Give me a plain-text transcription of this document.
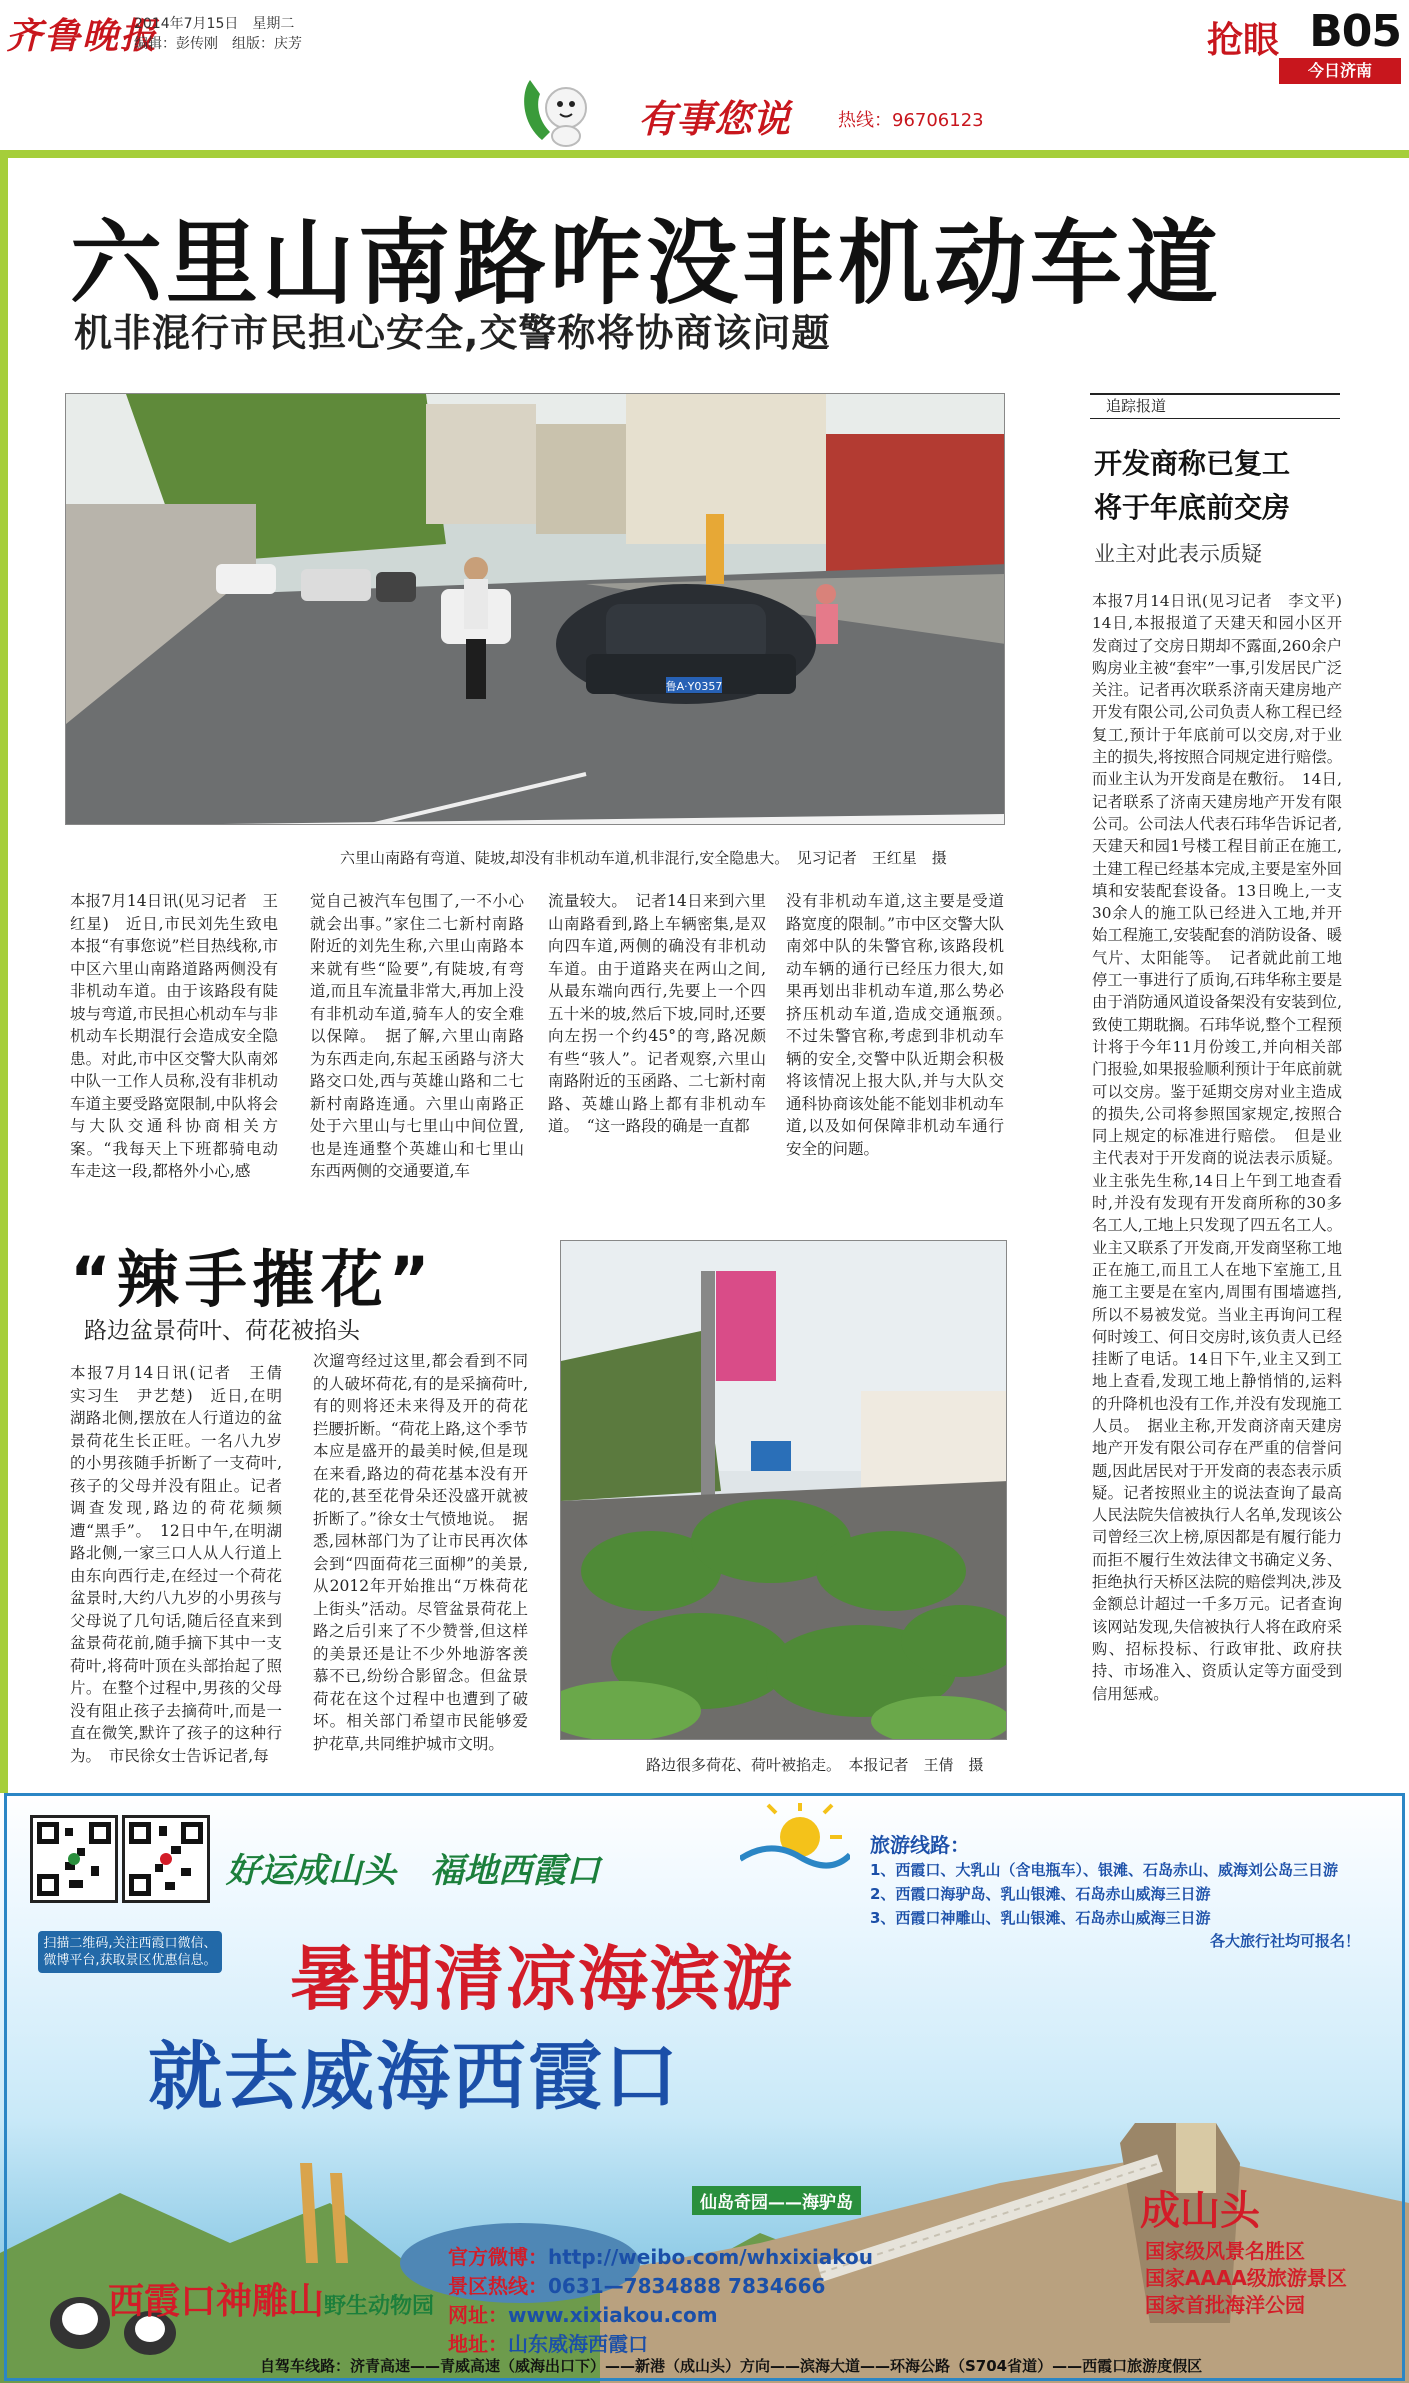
齐鲁晚报
2014年7月15日　星期二
编辑：彭传刚　组版：庆芳	抢眼 B05
今日济南
有事您说	热线：96706123
六里山南路咋没非机动车道
机非混行市民担心安全,交警称将协商该问题
鲁A·Y0357
六里山南路有弯道、陡坡,却没有非机动车道,机非混行,安全隐患大。　见习记者　王红星　摄
本报7月14日讯(见习记者　王红星)　近日,市民刘先生致电本报“有事您说”栏目热线称,市中区六里山南路道路两侧没有非机动车道。由于该路段有陡坡与弯道,市民担心机动车与非机动车长期混行会造成安全隐患。对此,市中区交警大队南郊中队一工作人员称,没有非机动车道主要受路宽限制,中队将会与大队交通科协商相关方案。“我每天上下班都骑电动车走这一段,都格外小心,感
觉自己被汽车包围了,一不小心就会出事。”家住二七新村南路附近的刘先生称,六里山南路本来就有些“险要”,有陡坡,有弯道,而且车流量非常大,再加上没有非机动车道,骑车人的安全难以保障。　据了解,六里山南路为东西走向,东起玉函路与济大路交口处,西与英雄山路和二七新村南路连通。六里山南路正处于六里山与七里山中间位置,也是连通整个英雄山和七里山东西两侧的交通要道,车
流量较大。　记者14日来到六里山南路看到,路上车辆密集,是双向四车道,两侧的确没有非机动车道。由于道路夹在两山之间,从最东端向西行,先要上一个四五十米的坡,然后下坡,同时,还要向左拐一个约45°的弯,路况颇有些“骇人”。记者观察,六里山南路附近的玉函路、二七新村南路、英雄山路上都有非机动车道。　“这一路段的确是一直都
没有非机动车道,这主要是受道路宽度的限制。”市中区交警大队南郊中队的朱警官称,该路段机动车辆的通行已经压力很大,如果再划出非机动车道,那么势必挤压机动车道,造成交通瓶颈。　不过朱警官称,考虑到非机动车辆的安全,交警中队近期会积极将该情况上报大队,并与大队交通科协商该处能不能划非机动车道,以及如何保障非机动车通行安全的问题。
追踪报道
开发商称已复工
将于年底前交房
业主对此表示质疑
本报7月14日讯(见习记者　李文平)　14日,本报报道了天建天和园小区开发商过了交房日期却不露面,260余户购房业主被“套牢”一事,引发居民广泛关注。记者再次联系济南天建房地产开发有限公司,公司负责人称工程已经复工,预计于年底前可以交房,对于业主的损失,将按照合同规定进行赔偿。而业主认为开发商是在敷衍。　14日,记者联系了济南天建房地产开发有限公司。公司法人代表石玮华告诉记者,天建天和园1号楼工程目前正在施工,土建工程已经基本完成,主要是室外回填和安装配套设备。13日晚上,一支30余人的施工队已经进入工地,并开始工程施工,安装配套的消防设备、暖气片、太阳能等。　记者就此前工地停工一事进行了质询,石玮华称主要是由于消防通风道设备架没有安装到位,致使工期耽搁。石玮华说,整个工程预计将于今年11月份竣工,并向相关部门报验,如果报验顺利预计于年底前就可以交房。鉴于延期交房对业主造成的损失,公司将参照国家规定,按照合同上规定的标准进行赔偿。　但是业主代表对于开发商的说法表示质疑。业主张先生称,14日上午到工地查看时,并没有发现有开发商所称的30多名工人,工地上只发现了四五名工人。业主又联系了开发商,开发商坚称工地正在施工,而且工人在地下室施工,且施工主要是在室内,周围有围墙遮挡,所以不易被发觉。当业主再询问工程何时竣工、何日交房时,该负责人已经挂断了电话。14日下午,业主又到工地上查看,发现工地上静悄悄的,运料的升降机也没有工作,并没有发现施工人员。　据业主称,开发商济南天建房地产开发有限公司存在严重的信誉问题,因此居民对于开发商的表态表示质疑。记者按照业主的说法查询了最高人民法院失信被执行人名单,发现该公司曾经三次上榜,原因都是有履行能力而拒不履行生效法律文书确定义务、拒绝执行天桥区法院的赔偿判决,涉及金额总计超过一千多万元。记者查询该网站发现,失信被执行人将在政府采购、招标投标、行政审批、政府扶持、市场准入、资质认定等方面受到信用惩戒。
“辣手摧花”
路边盆景荷叶、荷花被掐头
本报7月14日讯(记者　王倩　实习生　尹艺楚)　近日,在明湖路北侧,摆放在人行道边的盆景荷花生长正旺。一名八九岁的小男孩随手折断了一支荷叶,孩子的父母并没有阻止。记者调查发现,路边的荷花频频遭“黑手”。　12日中午,在明湖路北侧,一家三口人从人行道上由东向西行走,在经过一个荷花盆景时,大约八九岁的小男孩与父母说了几句话,随后径直来到盆景荷花前,随手摘下其中一支荷叶,将荷叶顶在头部抬起了照片。在整个过程中,男孩的父母没有阻止孩子去摘荷叶,而是一直在微笑,默许了孩子的这种行为。　市民徐女士告诉记者,每
次遛弯经过这里,都会看到不同的人破坏荷花,有的是采摘荷叶,有的则将还未来得及开的荷花拦腰折断。“荷花上路,这个季节本应是盛开的最美时候,但是现在来看,路边的荷花基本没有开花的,甚至花骨朵还没盛开就被折断了。”徐女士气愤地说。　据悉,园林部门为了让市民再次体会到“四面荷花三面柳”的美景,从2012年开始推出“万株荷花上街头”活动。尽管盆景荷花上路之后引来了不少赞誉,但这样的美景还是让不少外地游客羡慕不已,纷纷合影留念。但盆景荷花在这个过程中也遭到了破坏。相关部门希望市民能够爱护花草,共同维护城市文明。
路边很多荷花、荷叶被掐走。　本报记者　王倩　摄
扫描二维码,关注西霞口微信、微博平台,获取景区优惠信息。
好运成山头　福地西霞口
暑期清凉海滨游
就去威海西霞口
旅游线路：
1、西霞口、大乳山（含电瓶车）、银滩、石岛赤山、威海刘公岛三日游
2、西霞口海驴岛、乳山银滩、石岛赤山威海三日游
3、西霞口神雕山、乳山银滩、石岛赤山威海三日游
各大旅行社均可报名！
仙岛奇园——海驴岛
官方微博：http://weibo.com/whxixiakou
景区热线：0631—7834888 7834666
网址：www.xixiakou.com
地址：山东威海西霞口
西霞口神雕山野生动物园
成山头
国家级风景名胜区
国家AAAA级旅游景区
国家首批海洋公园
自驾车线路：济青高速——青威高速（威海出口下）——新港（成山头）方向——滨海大道——环海公路（S704省道）——西霞口旅游度假区
